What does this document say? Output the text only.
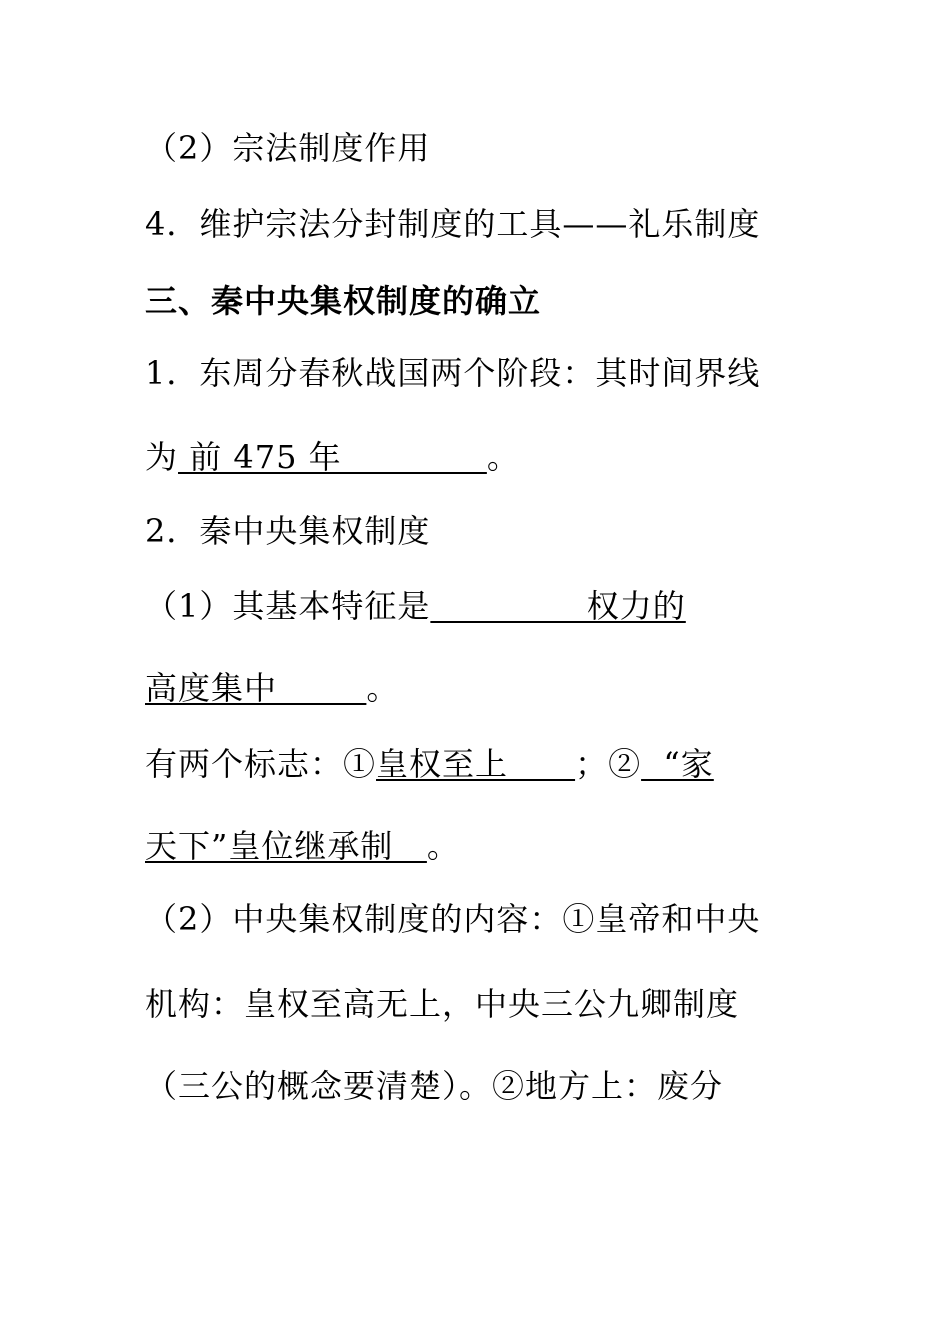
（2）宗法制度作用
4．维护宗法分封制度的工具——礼乐制度
三、秦中央集权制度的确立
1．东周分春秋战国两个阶段：其时间界线
为 前 475 年             。
2．秦中央集权制度
（1）其基本特征是              权力的
高度集中        。
有两个标志：①皇权至上      ；②  “家
天下”皇位继承制   。
（2）中央集权制度的内容：①皇帝和中央
机构：皇权至高无上，中央三公九卿制度
（三公的概念要清楚）。②地方上：废分
